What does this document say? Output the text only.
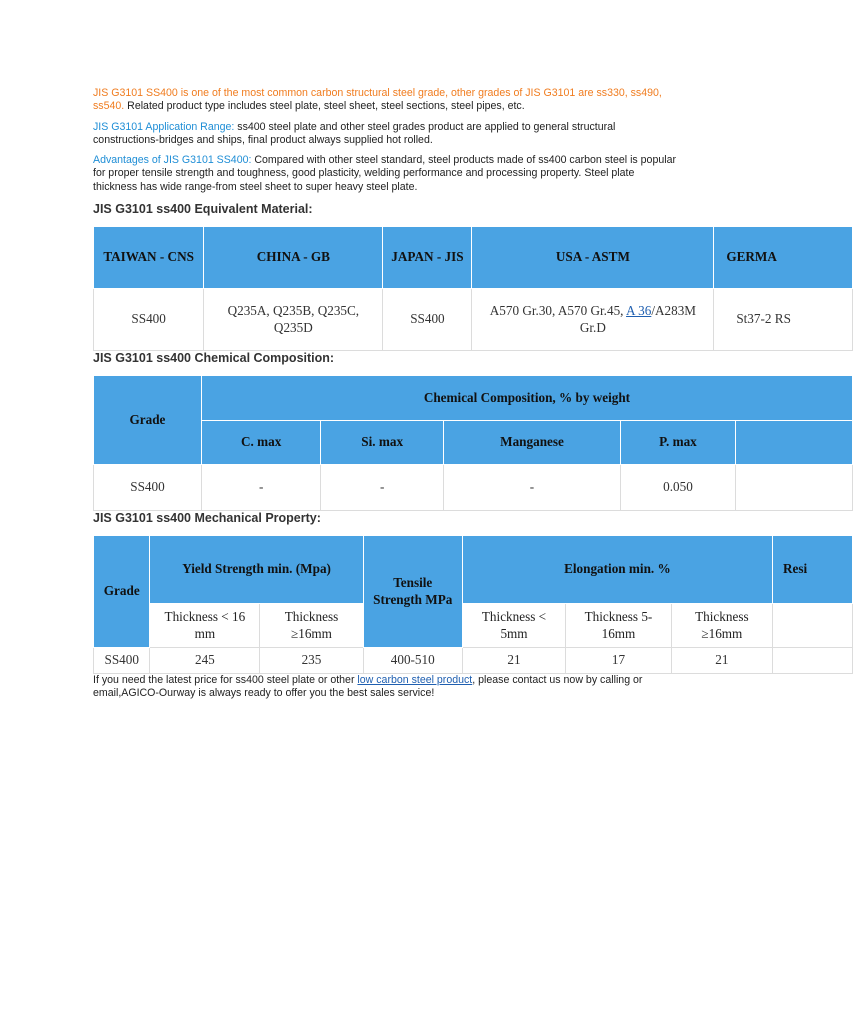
JIS G3101 SS400 is one of the most common carbon structural steel grade, other grades of JIS G3101 are ss330, ss490, ss540. Related product type includes steel plate, steel sheet, steel sections, steel pipes, etc.

JIS G3101 Application Range: ss400 steel plate and other steel grades product are applied to general structural constructions-bridges and ships, final product always supplied hot rolled.

Advantages of JIS G3101 SS400: Compared with other steel standard, steel products made of ss400 carbon steel is popular for proper tensile strength and toughness, good plasticity, welding performance and processing property. Steel plate thickness has wide range-from steel sheet to super heavy steel plate.

JIS G3101 ss400 Equivalent Material:
TAIWAN - CNS	CHINA - GB	JAPAN - JIS	USA - ASTM	GERMA
SS400	Q235A, Q235B, Q235C, Q235D	SS400	A570 Gr.30, A570 Gr.45, A 36/A283M Gr.D	St37-2 RS
JIS G3101 ss400 Chemical Composition:
Grade	Chemical Composition, % by weight				
	C. max	Si. max	Manganese	P. max	
SS400	-	-	-	0.050	
JIS G3101 ss400 Mechanical Property:
Grade	Yield Strength min. (Mpa)		Tensile Strength MPa	Elongation min. %			Resi
	Thickness < 16 mm	Thickness ≥16mm		Thickness < 5mm	Thickness 5-16mm	Thickness ≥16mm	
SS400	245	235	400-510	21	17	21	
If you need the latest price for ss400 steel plate or other low carbon steel product, please contact us now by calling or email,AGICO-Ourway is always ready to offer you the best sales service!
